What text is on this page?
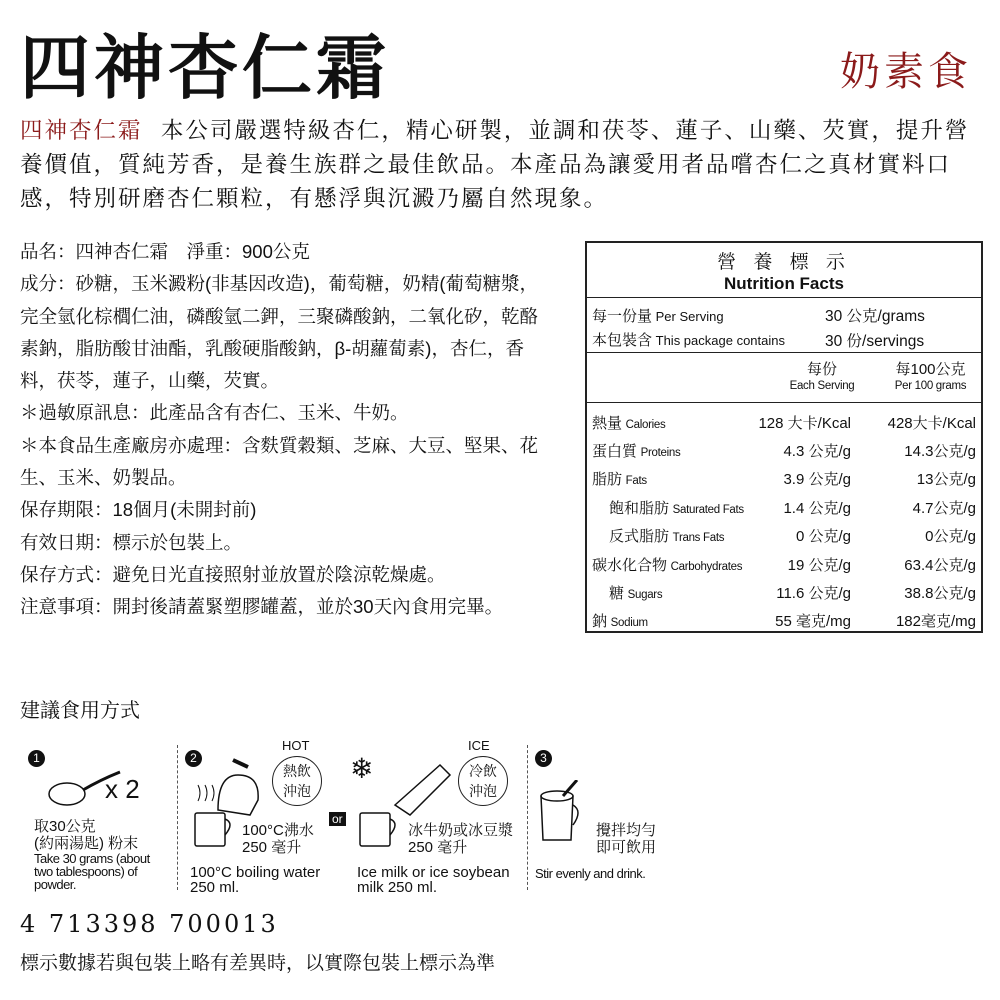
四神杏仁霜	奶素食
四神杏仁霜 本公司嚴選特級杏仁，精心研製，並調和茯苓、蓮子、山藥、芡實，提升營養價值，質純芳香，是養生族群之最佳飲品。本產品為讓愛用者品嚐杏仁之真材實料口感，特別研磨杏仁顆粒，有懸浮與沉澱乃屬自然現象。
品名：四神杏仁霜　淨重：900公克
成分：砂糖，玉米澱粉(非基因改造)，葡萄糖，奶精(葡萄糖漿，完全氫化棕櫚仁油，磷酸氫二鉀，三聚磷酸鈉，二氧化矽，乾酪素鈉，脂肪酸甘油酯，乳酸硬脂酸鈉，β-胡蘿蔔素)，杏仁，香料，茯苓，蓮子，山藥，芡實。
＊過敏原訊息：此產品含有杏仁、玉米、牛奶。
＊本食品生產廠房亦處理：含麩質穀類、芝麻、大豆、堅果、花生、玉米、奶製品。
保存期限：18個月(未開封前)
有效日期：標示於包裝上。
保存方式：避免日光直接照射並放置於陰涼乾燥處。
注意事項：開封後請蓋緊塑膠罐蓋，並於30天內食用完畢。
營 養 標 示
Nutrition Facts
每一份量 Per Serving	30 公克/grams
本包裝含 This package contains	30 份/servings
每份
Each Serving
每100公克
Per 100 grams
熱量 Calories	128 大卡/Kcal 428大卡/Kcal
蛋白質 Proteins	4.3 公克/g	14.3公克/g
脂肪 Fats	3.9 公克/g	13公克/g
飽和脂肪 Saturated Fats	1.4 公克/g	4.7公克/g
反式脂肪 Trans Fats	0 公克/g	0公克/g
碳水化合物 Carbohydrates	19 公克/g	63.4公克/g
糖 Sugars	11.6 公克/g	38.8公克/g
鈉 Sodium	55 毫克/mg	182毫克/mg
建議食用方式
1
x 2
取30公克
(約兩湯匙) 粉末
Take 30 grams (about two tablespoons) of powder.
2
HOT
熱飲
沖泡
100°C沸水
250 毫升
100°C boiling water
250 ml.
or
ICE
冷飲
沖泡
❄
冰牛奶或冰豆漿
250 毫升
Ice milk or ice soybean
milk 250 ml.
3
攪拌均勻
即可飲用
Stir evenly and drink.
4 713398 700013
標示數據若與包裝上略有差異時，以實際包裝上標示為準
